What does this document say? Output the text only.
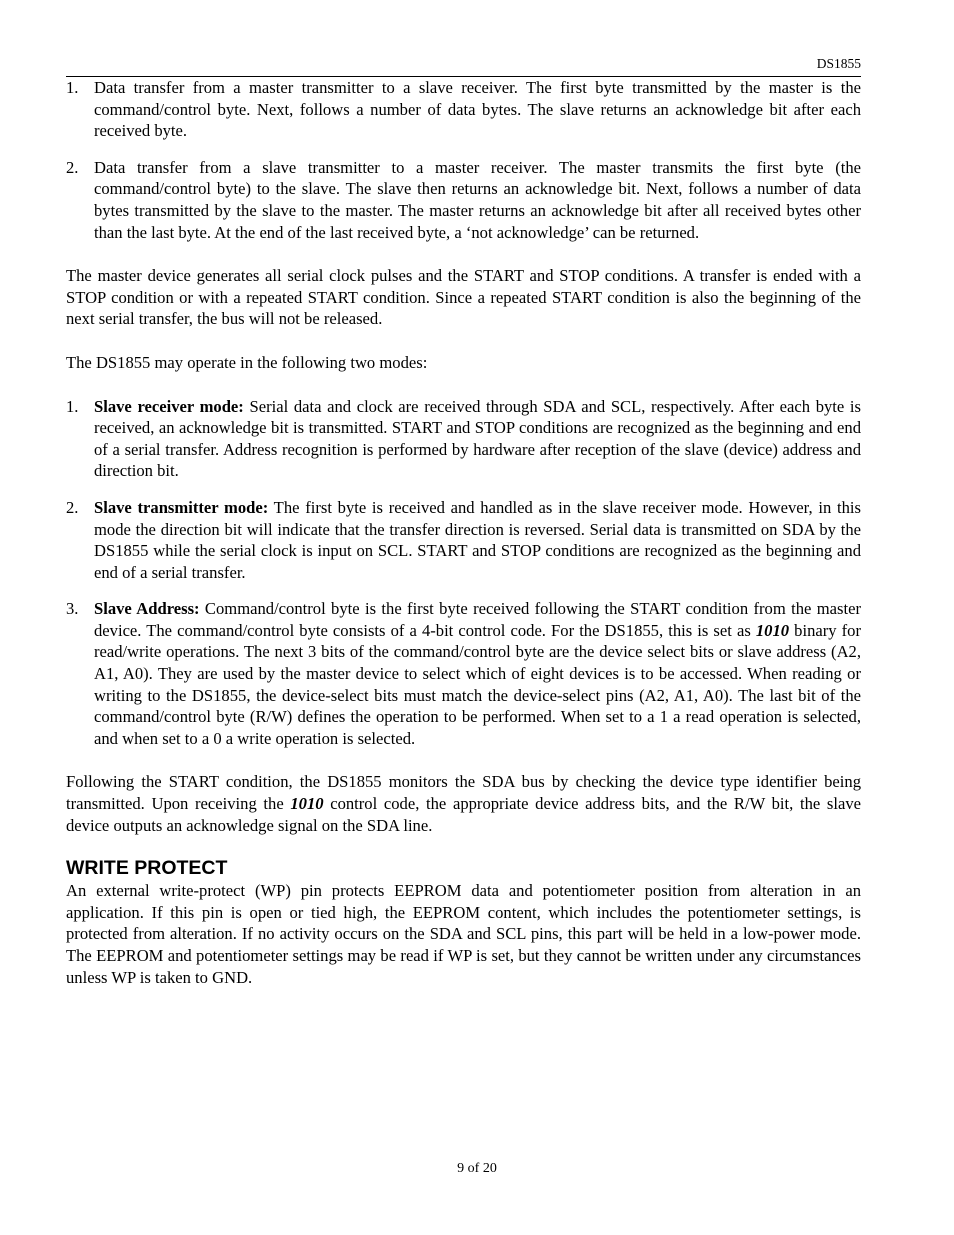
DS1855
1. Data transfer from a master transmitter to a slave receiver. The first byte transmitted by the master is the command/control byte. Next, follows a number of data bytes. The slave returns an acknowledge bit after each received byte.
2. Data transfer from a slave transmitter to a master receiver. The master transmits the first byte (the command/control byte) to the slave. The slave then returns an acknowledge bit. Next, follows a number of data bytes transmitted by the slave to the master. The master returns an acknowledge bit after all received bytes other than the last byte. At the end of the last received byte, a ‘not acknowledge’ can be returned.

The master device generates all serial clock pulses and the START and STOP conditions. A transfer is ended with a STOP condition or with a repeated START condition. Since a repeated START condition is also the beginning of the next serial transfer, the bus will not be released.

The DS1855 may operate in the following two modes:

1. Slave receiver mode: Serial data and clock are received through SDA and SCL, respectively. After each byte is received, an acknowledge bit is transmitted. START and STOP conditions are recognized as the beginning and end of a serial transfer. Address recognition is performed by hardware after reception of the slave (device) address and direction bit.
2. Slave transmitter mode: The first byte is received and handled as in the slave receiver mode. However, in this mode the direction bit will indicate that the transfer direction is reversed. Serial data is transmitted on SDA by the DS1855 while the serial clock is input on SCL. START and STOP conditions are recognized as the beginning and end of a serial transfer.
3. Slave Address: Command/control byte is the first byte received following the START condition from the master device. The command/control byte consists of a 4-bit control code. For the DS1855, this is set as 1010 binary for read/write operations. The next 3 bits of the command/control byte are the device select bits or slave address (A2, A1, A0). They are used by the master device to select which of eight devices is to be accessed. When reading or writing to the DS1855, the device-select bits must match the device-select pins (A2, A1, A0). The last bit of the command/control byte (R/W) defines the operation to be performed. When set to a 1 a read operation is selected, and when set to a 0 a write operation is selected.

Following the START condition, the DS1855 monitors the SDA bus by checking the device type identifier being transmitted. Upon receiving the 1010 control code, the appropriate device address bits, and the R/W bit, the slave device outputs an acknowledge signal on the SDA line.

WRITE PROTECT

An external write-protect (WP) pin protects EEPROM data and potentiometer position from alteration in an application. If this pin is open or tied high, the EEPROM content, which includes the potentiometer settings, is protected from alteration. If no activity occurs on the SDA and SCL pins, this part will be held in a low-power mode. The EEPROM and potentiometer settings may be read if WP is set, but they cannot be written under any circumstances unless WP is taken to GND.

9 of 20
